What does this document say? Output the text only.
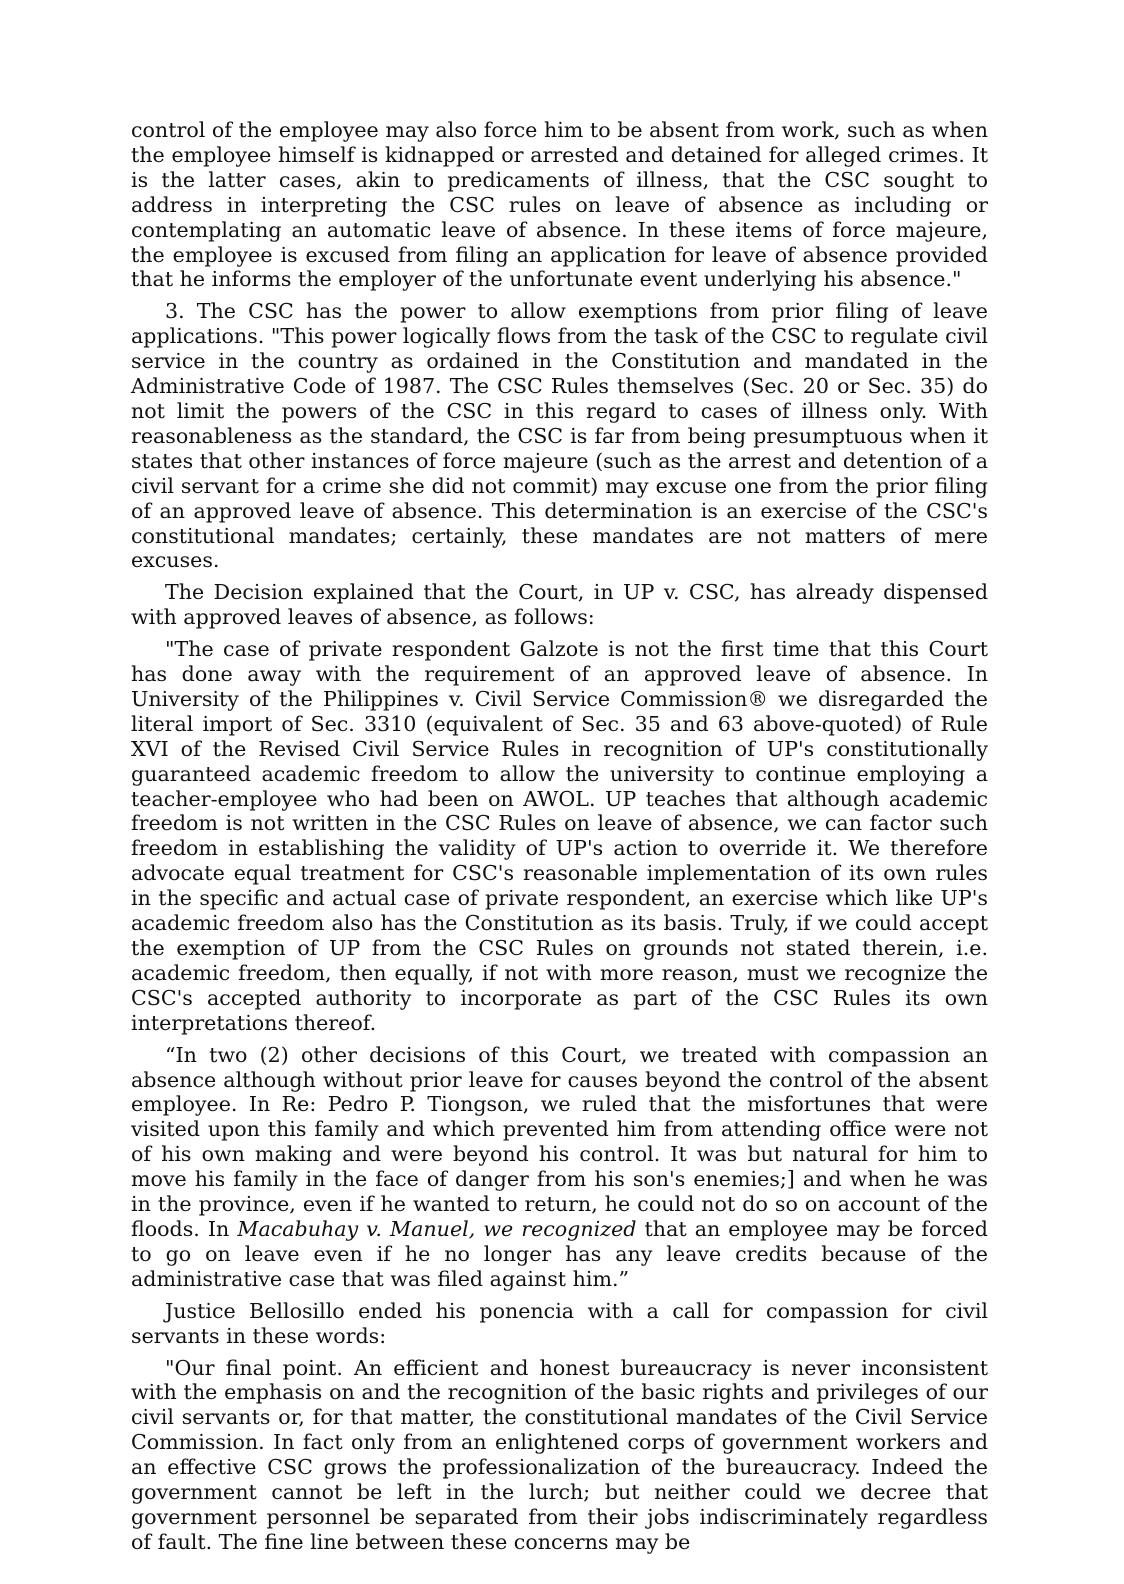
control of the employee may also force him to be absent from work, such as when the employee himself is kidnapped or arrested and detained for alleged crimes. It is the latter cases, akin to predicaments of illness, that the CSC sought to address in interpreting the CSC rules on leave of absence as including or contemplating an automatic leave of absence. In these items of force majeure, the employee is excused from filing an application for leave of absence provided that he informs the employer of the unfortunate event underlying his absence."

3. The CSC has the power to allow exemptions from prior filing of leave applications. "This power logically flows from the task of the CSC to regulate civil service in the country as ordained in the Constitution and mandated in the Administrative Code of 1987. The CSC Rules themselves (Sec. 20 or Sec. 35) do not limit the powers of the CSC in this regard to cases of illness only. With reasonableness as the standard, the CSC is far from being presumptuous when it states that other instances of force majeure (such as the arrest and detention of a civil servant for a crime she did not commit) may excuse one from the prior filing of an approved leave of absence. This determination is an exercise of the CSC's constitutional mandates; certainly, these mandates are not matters of mere excuses.

The Decision explained that the Court, in UP v. CSC, has already dispensed with approved leaves of absence, as follows:

"The case of private respondent Galzote is not the first time that this Court has done away with the requirement of an approved leave of absence. In University of the Philippines v. Civil Service Commission® we disregarded the literal import of Sec. 3310 (equivalent of Sec. 35 and 63 above-quoted) of Rule XVI of the Revised Civil Service Rules in recognition of UP's constitutionally guaranteed academic freedom to allow the university to continue employing a teacher-employee who had been on AWOL. UP teaches that although academic freedom is not written in the CSC Rules on leave of absence, we can factor such freedom in establishing the validity of UP's action to override it. We therefore advocate equal treatment for CSC's reasonable implementation of its own rules in the specific and actual case of private respondent, an exercise which like UP's academic freedom also has the Constitution as its basis. Truly, if we could accept the exemption of UP from the CSC Rules on grounds not stated therein, i.e. academic freedom, then equally, if not with more reason, must we recognize the CSC's accepted authority to incorporate as part of the CSC Rules its own interpretations thereof.

“In two (2) other decisions of this Court, we treated with compassion an absence although without prior leave for causes beyond the control of the absent employee. In Re: Pedro P. Tiongson, we ruled that the misfortunes that were visited upon this family and which prevented him from attending office were not of his own making and were beyond his control. It was but natural for him to move his family in the face of danger from his son's enemies;] and when he was in the province, even if he wanted to return, he could not do so on account of the floods. In Macabuhay v. Manuel, we recognized that an employee may be forced to go on leave even if he no longer has any leave credits because of the administrative case that was filed against him.”

Justice Bellosillo ended his ponencia with a call for compassion for civil servants in these words:

"Our final point. An efficient and honest bureaucracy is never inconsistent with the emphasis on and the recognition of the basic rights and privileges of our civil servants or, for that matter, the constitutional mandates of the Civil Service Commission. In fact only from an enlightened corps of government workers and an effective CSC grows the professionalization of the bureaucracy. Indeed the government cannot be left in the lurch; but neither could we decree that government personnel be separated from their jobs indiscriminately regardless of fault. The fine line between these concerns may be
